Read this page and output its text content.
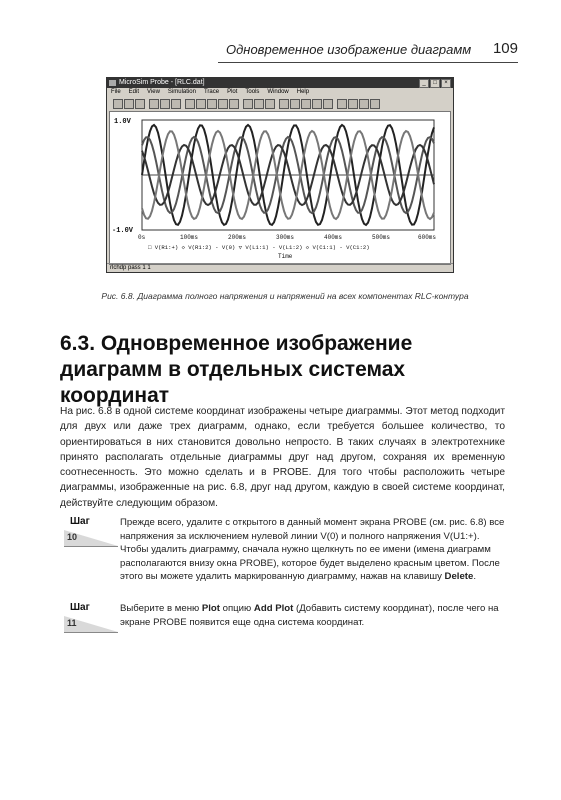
Одновременное изображение диаграмм 109
MicroSim Probe - [RLC.dat]	_	□	×
File Edit View Simulation Trace Plot Tools Window Help
1.0V
-1.0V
0s	100ms	200ms	300ms	400ms	500ms	600ms
□ V(R1:+) ◇ V(R1:2) - V(0) ▽ V(L1:1) - V(L1:2) ◇ V(C1:1) - V(C1:2)
Time
rlchdp pass 1 1
Рис. 6.8. Диаграмма полного напряжения и напряжений на всех компонентах RLC-контура
6.3. Одновременное изображение диаграмм в отдельных системах координат
На рис. 6.8 в одной системе координат изображены четыре диаграммы. Этот метод подходит для двух или даже трех диаграмм, однако, если требуется большее количество, то ориентироваться в них становится довольно непросто. В таких случаях в электротехнике принято располагать отдельные диаграммы друг над другом, сохраняя их временную соотнесенность. Это можно сделать и в PROBE. Для того чтобы расположить четыре диаграммы, изображенные на рис. 6.8, друг над другом, каждую в своей системе координат, действуйте следующим образом.
Шаг
10
Прежде всего, удалите с открытого в данный момент экрана PROBE (см. рис. 6.8) все напряжения за исключением нулевой линии V(0) и полного напряжения V(U1:+). Чтобы удалить диаграмму, сначала нужно щелкнуть по ее имени (имена диаграмм располагаются внизу окна PROBE), которое будет выделено красным цветом. После этого вы можете удалить маркированную диаграмму, нажав на клавишу Delete.
Шаг
11
Выберите в меню Plot опцию Add Plot (Добавить систему координат), после чего на экране PROBE появится еще одна система координат.
